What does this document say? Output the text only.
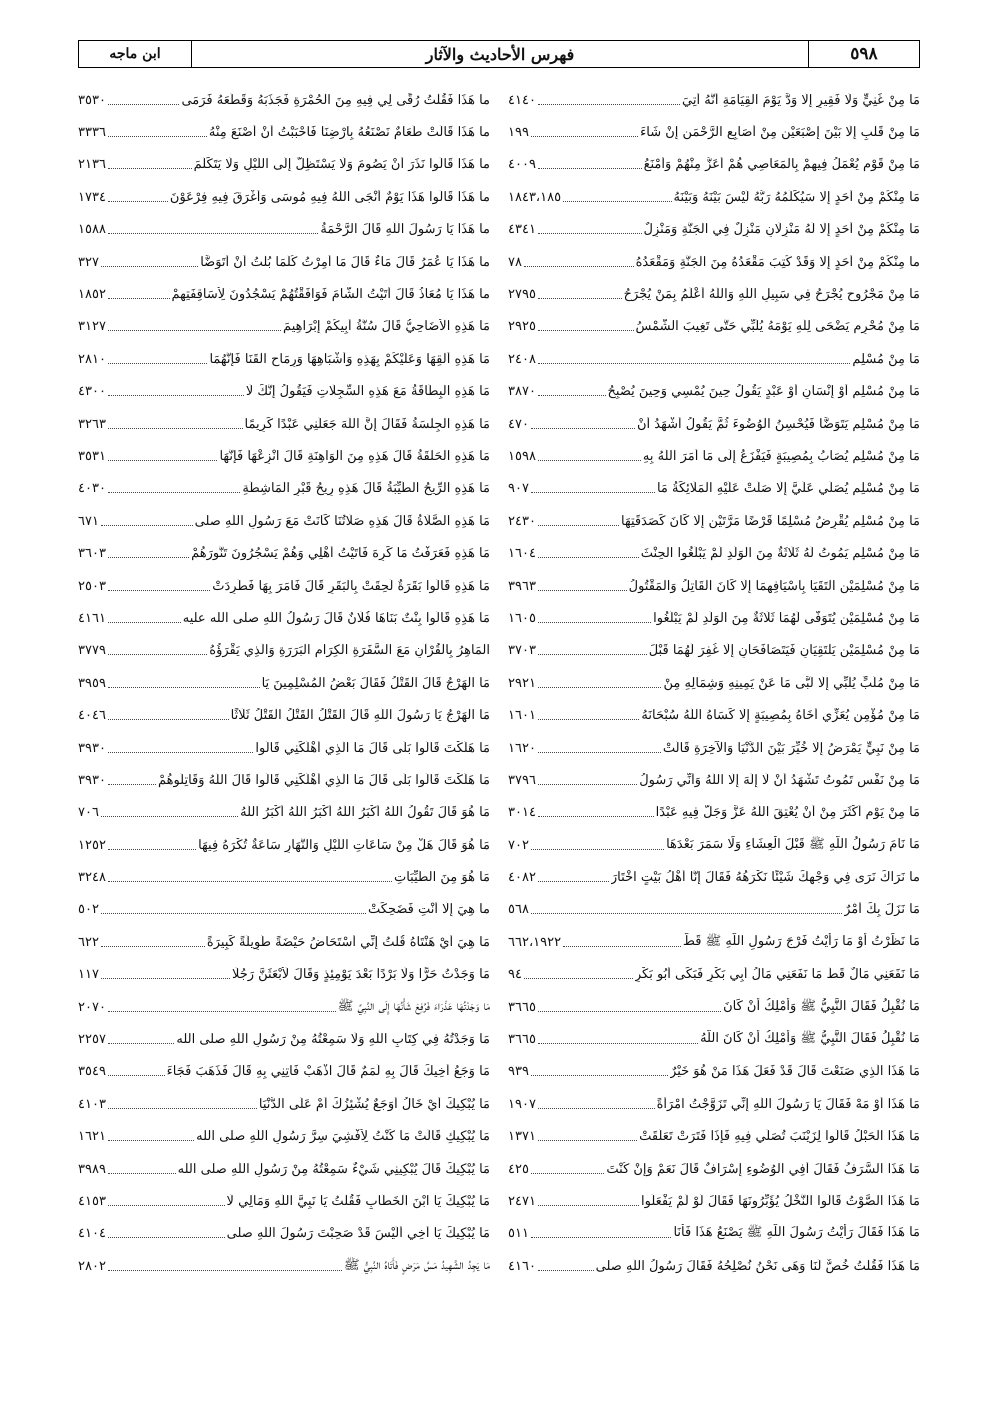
٥٩٨
فهرس الأحاديث والآثار
ابن ماجه
مَا مِنْ غَنِيٍّ وَلَا فَقِيرٍ إِلَّا وَدَّ يَوْمَ الْقِيَامَةِ أَنَّهُ أُتِيَ
٤١٤٠
مَا مِنْ قَلْبٍ إِلَّا بَيْنَ إِصْبَعَيْنِ مِنْ أَصَابِعِ الرَّحْمَنِ إِنْ شَاءَ
١٩٩
مَا مِنْ قَوْمٍ يُعْمَلُ فِيهِمْ بِالْمَعَاصِي هُمْ أَعَزُّ مِنْهُمْ وَأَمْنَعُ
٤٠٠٩
مَا مِنْكُمْ مِنْ أَحَدٍ إِلَّا سَيُكَلِّمُهُ رَبُّهُ لَيْسَ بَيْنَهُ وَبَيْنَهُ
١٨٤٣،١٨٥
مَا مِنْكُمْ مِنْ أَحَدٍ إِلَّا لَهُ مَنْزِلَانِ مَنْزِلٌ فِي الْجَنَّةِ وَمَنْزِلٌ
٤٣٤١
ما مِنْكُمْ مِنْ أَحَدٍ إِلَّا وَقَدْ كُتِبَ مَقْعَدُهُ مِنَ الْجَنَّةِ وَمَقْعَدُهُ
٧٨
مَا مِنْ مَجْرُوحٍ يُجْرَحُ فِي سَبِيلِ اللَّهِ وَاللَّهُ أَعْلَمُ بِمَنْ يُجْرَحُ
٢٧٩٥
مَا مِنْ مُحْرِمٍ يَضْحَى لِلَّهِ يَوْمَهُ يُلَبِّي حَتَّى تَغِيبَ الشَّمْسُ
٢٩٢٥
مَا مِنْ مُسْلِمٍ
٢٤٠٨
مَا مِنْ مُسْلِمٍ أَوْ إِنْسَانٍ أَوْ عَبْدٍ يَقُولُ حِينَ يُمْسِي وَحِينَ يُصْبِحُ
٣٨٧٠
مَا مِنْ مُسْلِمٍ يَتَوَضَّأُ فَيُحْسِنُ الْوُضُوءَ ثُمَّ يَقُولُ أَشْهَدُ أَنْ
٤٧٠
مَا مِنْ مُسْلِمٍ يُصَابُ بِمُصِيبَةٍ فَيَفْزَعُ إِلَى مَا أَمَرَ اللَّهُ بِهِ
١٥٩٨
مَا مِنْ مُسْلِمٍ يُصَلِّي عَلَيَّ إِلَّا صَلَّتْ عَلَيْهِ الْمَلَائِكَةُ مَا
٩٠٧
مَا مِنْ مُسْلِمٍ يُقْرِضُ مُسْلِمًا قَرْضًا مَرَّتَيْنِ إِلَّا كَانَ كَصَدَقَتِهَا
٢٤٣٠
مَا مِنْ مُسْلِمٍ يَمُوتُ لَهُ ثَلَاثَةٌ مِنَ الْوَلَدِ لَمْ يَبْلُغُوا الْحِنْثَ
١٦٠٤
مَا مِنْ مُسْلِمَيْنِ الْتَقَيَا بِأَسْيَافِهِمَا إِلَّا كَانَ الْقَاتِلُ وَالْمَقْتُولُ
٣٩٦٣
مَا مِنْ مُسْلِمَيْنِ يُتَوَفَّى لَهُمَا ثَلَاثَةٌ مِنَ الْوَلَدِ لَمْ يَبْلُغُوا
١٦٠٥
مَا مِنْ مُسْلِمَيْنِ يَلْتَقِيَانِ فَيَتَصَافَحَانِ إِلَّا غُفِرَ لَهُمَا قَبْلَ
٣٧٠٣
مَا مِنْ مُلَبٍّ يُلَبِّي إِلَّا لَبَّى مَا عَنْ يَمِينِهِ وَشِمَالِهِ مِنْ
٢٩٢١
مَا مِنْ مُؤْمِنٍ يُعَزِّي أَخَاهُ بِمُصِيبَةٍ إِلَّا كَسَاهُ اللَّهُ سُبْحَانَهُ
١٦٠١
مَا مِنْ نَبِيٍّ يَمْرَضُ إِلَّا خُيِّرَ بَيْنَ الدُّنْيَا وَالْآخِرَةِ قَالَتْ
١٦٢٠
مَا مِنْ نَفْسٍ تَمُوتُ تَشْهَدُ أَنْ لَا إِلَهَ إِلَّا اللَّهُ وَأَنِّي رَسُولُ
٣٧٩٦
مَا مِنْ يَوْمٍ أَكْثَرَ مِنْ أَنْ يُعْتِقَ اللَّهُ عَزَّ وَجَلَّ فِيهِ عَبْدًا
٣٠١٤
مَا نَامَ رَسُولُ اللَّهِ ﷺ قَبْلَ الْعِشَاءِ وَلَا سَمَرَ بَعْدَهَا
٧٠٢
ما نَرَاكَ نَرَى فِي وَجْهِكَ شَيْئًا نَكْرَهُهُ فَقَالَ إِنَّا أَهْلُ بَيْتٍ اخْتَارَ
٤٠٨٢
مَا نَزَلَ بِكَ أَمْرٌ
٥٦٨
مَا نَظَرْتُ أَوْ مَا رَأَيْتُ فَرْجَ رَسُولِ اللَّهِ ﷺ قَطُّ
٦٦٢،١٩٢٢
مَا نَفَعَنِي مَالٌ قَطُّ مَا نَفَعَنِي مَالُ أَبِي بَكْرٍ فَبَكَى أَبُو بَكْرٍ
٩٤
مَا نُقْبِلُ فَقَالَ النَّبِيُّ ﷺ وَأَمْلِكُ أَنْ كَانَ
٣٦٦٥
مَا نُقْبِلُ فَقَالَ النَّبِيُّ ﷺ وَأَمْلِكُ أَنْ كَانَ اللَّهُ
٣٦٦٥
مَا هَذَا الَّذِي صَنَعْتَ قَالَ قَدْ فَعَلَ هَذَا مَنْ هُوَ خَيْرٌ
٩٣٩
مَا هَذَا أَوْ مَهْ فَقَالَ يَا رَسُولَ اللَّهِ إِنِّي تَزَوَّجْتُ امْرَأَةً
١٩٠٧
مَا هَذَا الْحَبْلُ قَالُوا لِزَيْنَبَ تُصَلِّي فِيهِ فَإِذَا فَتَرَتْ تَعَلَّقَتْ
١٣٧١
مَا هَذَا السَّرَفُ فَقَالَ أَفِي الْوُضُوءِ إِسْرَافٌ قَالَ نَعَمْ وَإِنْ كُنْتَ
٤٢٥
مَا هَذَا الصَّوْتُ قَالُوا النَّخْلُ يُؤَبِّرُونَهَا فَقَالَ لَوْ لَمْ يَفْعَلُوا
٢٤٧١
مَا هَذَا فَقَالَ رَأَيْتُ رَسُولَ اللَّهِ ﷺ يَصْنَعُ هَذَا فَأَنَا
٥١١
مَا هَذَا فَقُلْتُ خُصٌّ لَنَا وَهَى نَحْنُ نُصْلِحُهُ فَقَالَ رَسُولُ اللَّهِ صلى
٤١٦٠
ما هَذَا فَقُلْتُ رُقًى لِي فِيهِ مِنَ الْحُمْرَةِ فَجَذَبَهُ وَقَطَعَهُ فَرَمَى
٣٥٣٠
ما هَذَا قَالَتْ طَعَامٌ نَصْنَعُهُ بِأَرْضِنَا فَأَحْبَبْتُ أَنْ أَصْنَعَ مِنْهُ
٣٣٣٦
ما هَذَا قَالُوا نَذَرَ أَنْ يَصُومَ وَلَا يَسْتَظِلَّ إِلَى اللَّيْلِ وَلَا يَتَكَلَّمَ
٢١٣٦
ما هَذَا قَالُوا هَذَا يَوْمٌ أَنْجَى اللَّهُ فِيهِ مُوسَى وَأَغْرَقَ فِيهِ فِرْعَوْنَ
١٧٣٤
ما هَذَا يَا رَسُولَ اللَّهِ قَالَ الرَّحْمَةُ
١٥٨٨
ما هَذَا يَا عُمَرُ قَالَ مَاءٌ قَالَ مَا أُمِرْتُ كُلَّمَا بُلْتُ أَنْ أَتَوَضَّأَ
٣٢٧
ما هَذَا يَا مُعَاذُ قَالَ أَتَيْتُ الشَّامَ فَوَافَقْتُهُمْ يَسْجُدُونَ لِأَسَاقِفَتِهِمْ
١٨٥٢
مَا هَذِهِ الْأَضَاحِيُّ قَالَ سُنَّةُ أَبِيكُمْ إِبْرَاهِيمَ
٣١٢٧
مَا هَذِهِ أَلْقِهَا وَعَلَيْكُمْ بِهَذِهِ وَأَشْبَاهِهَا وَرِمَاحِ الْقَنَا فَإِنَّهُمَا
٢٨١٠
مَا هَذِهِ الْبِطَاقَةُ مَعَ هَذِهِ السِّجِلَّاتِ فَيَقُولُ إِنَّكَ لَا
٤٣٠٠
مَا هَذِهِ الْجِلْسَةُ فَقَالَ إِنَّ اللَّهَ جَعَلَنِي عَبْدًا كَرِيمًا
٣٢٦٣
مَا هَذِهِ الْحَلْقَةُ قَالَ هَذِهِ مِنَ الْوَاهِنَةِ قَالَ انْزِعْهَا فَإِنَّهَا
٣٥٣١
مَا هَذِهِ الرِّيحُ الطَّيِّبَةُ قَالَ هَذِهِ رِيحُ قَبْرِ الْمَاشِطَةِ
٤٠٣٠
مَا هَذِهِ الصَّلَاةُ قَالَ هَذِهِ صَلَاتُنَا كَانَتْ مَعَ رَسُولِ اللَّهِ صلى
٦٧١
مَا هَذِهِ فَعَرَفْتُ مَا كَرِهَ فَأَتَيْتُ أَهْلِي وَهُمْ يَسْجُرُونَ تَنُّورَهُمْ
٣٦٠٣
مَا هَذِهِ قَالُوا بَقَرَةٌ لَحِقَتْ بِالْبَقَرِ قَالَ فَأَمَرَ بِهَا فَطُرِدَتْ
٢٥٠٣
مَا هَذِهِ قَالُوا بِنْتٌ بَنَاهَا فُلَانٌ قَالَ رَسُولُ اللَّهِ صلى الله عليه
٤١٦١
الْمَاهِرُ بِالْقُرْآنِ مَعَ السَّفَرَةِ الْكِرَامِ الْبَرَرَةِ وَالَّذِي يَقْرَؤُهُ
٣٧٧٩
مَا الْهَرْجُ قَالَ الْقَتْلُ فَقَالَ بَعْضُ الْمُسْلِمِينَ يَا
٣٩٥٩
مَا الْهَرْجُ يَا رَسُولَ اللَّهِ قَالَ الْقَتْلُ الْقَتْلُ الْقَتْلُ ثَلَاثًا
٤٠٤٦
مَا هَلَكْتَ قَالُوا بَلَى قَالَ مَا الَّذِي أَهْلَكَنِي قَالُوا
٣٩٣٠
مَا هَلَكْتَ قَالُوا بَلَى قَالَ مَا الَّذِي أَهْلَكَنِي قَالُوا قَالَ اللَّهُ وَقَاتِلُوهُمْ
٣٩٣٠
مَا هُوَ قَالَ تَقُولُ اللَّهُ أَكْبَرُ اللَّهُ أَكْبَرُ اللَّهُ أَكْبَرُ اللَّهُ
٧٠٦
مَا هُوَ قَالَ هَلْ مِنْ سَاعَاتِ اللَّيْلِ وَالنَّهَارِ سَاعَةٌ تُكْرَهُ فِيهَا
١٢٥٢
مَا هُوَ مِنَ الطَّيِّبَاتِ
٣٢٤٨
ما هِيَ إِلَّا أَنْتِ فَضَحِكَتْ
٥٠٢
مَا هِيَ أَيْ هَنْتَاهُ قُلْتُ إِنِّي أُسْتَحَاضُ حَيْضَةً طَوِيلَةً كَبِيرَةً
٦٢٢
مَا وَجَدْتُ حَرًّا وَلَا بَرْدًا بَعْدَ يَوْمِئِذٍ وَقَالَ لَأَبْعَثَنَّ رَجُلًا
١١٧
مَا وَجَدْتُهَا عَذْرَاءَ فَرُفِعَ شَأْنُهَا إِلَى النَّبِيِّ ﷺ
٢٠٧٠
مَا وَجَدْتُهُ فِي كِتَابِ اللَّهِ وَلَا سَمِعْتُهُ مِنْ رَسُولِ اللَّهِ صلى الله
٢٢٥٧
مَا وَجَعُ أَخِيكَ قَالَ بِهِ لَمَمٌ قَالَ اذْهَبْ فَأْتِنِي بِهِ قَالَ فَذَهَبَ فَجَاءَ
٣٥٤٩
مَا يُبْكِيكَ أَيْ خَالُ أَوَجَعٌ يُشْئِزُكَ أَمْ عَلَى الدُّنْيَا
٤١٠٣
مَا يُبْكِيكِ قَالَتْ مَا كُنْتُ لِأُفْشِيَ سِرَّ رَسُولِ اللَّهِ صلى الله
١٦٢١
مَا يُبْكِيكَ قَالَ يُبْكِينِي شَيْءٌ سَمِعْتُهُ مِنْ رَسُولِ اللَّهِ صلى الله
٣٩٨٩
مَا يُبْكِيكَ يَا ابْنَ الْخَطَّابِ فَقُلْتُ يَا نَبِيَّ اللَّهِ وَمَالِي لَا
٤١٥٣
مَا يُبْكِيكَ يَا أَخِي أَلَيْسَ قَدْ صَحِبْتَ رَسُولَ اللَّهِ صلى
٤١٠٤
مَا يَجِدُ الشَّهِيدُ مَسَّ مَرَضٍ فَأَتَاهُ النَّبِيُّ ﷺ
٢٨٠٢
